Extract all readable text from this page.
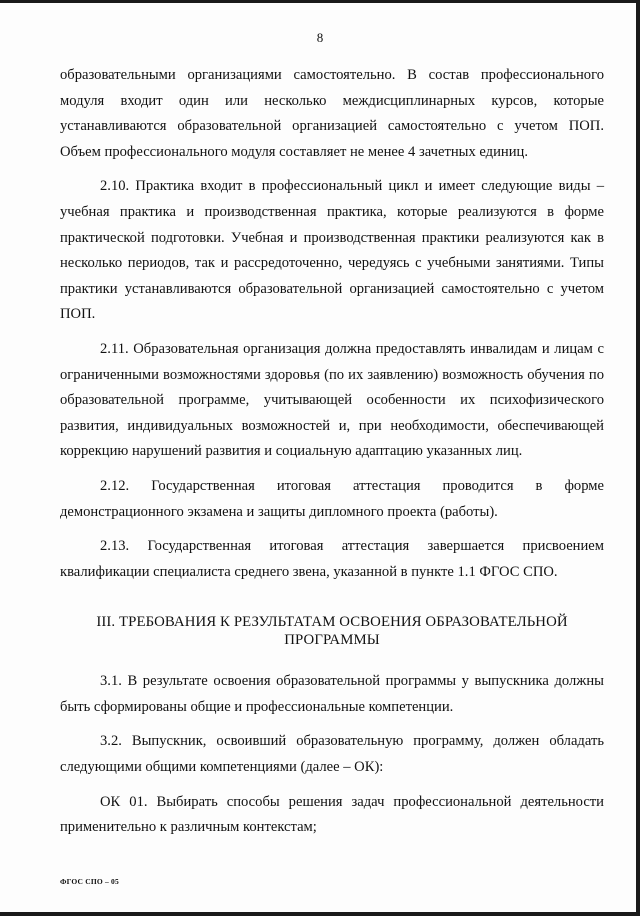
8

образовательными организациями самостоятельно. В состав профессионального модуля входит один или несколько междисциплинарных курсов, которые устанавливаются образовательной организацией самостоятельно с учетом ПОП. Объем профессионального модуля составляет не менее 4 зачетных единиц.

2.10. Практика входит в профессиональный цикл и имеет следующие виды – учебная практика и производственная практика, которые реализуются в форме практической подготовки. Учебная и производственная практики реализуются как в несколько периодов, так и рассредоточенно, чередуясь с учебными занятиями. Типы практики устанавливаются образовательной организацией самостоятельно с учетом ПОП.

2.11. Образовательная организация должна предоставлять инвалидам и лицам с ограниченными возможностями здоровья (по их заявлению) возможность обучения по образовательной программе, учитывающей особенности их психофизического развития, индивидуальных возможностей и, при необходимости, обеспечивающей коррекцию нарушений развития и социальную адаптацию указанных лиц.

2.12. Государственная итоговая аттестация проводится в форме демонстрационного экзамена и защиты дипломного проекта (работы).

2.13. Государственная итоговая аттестация завершается присвоением квалификации специалиста среднего звена, указанной в пункте 1.1 ФГОС СПО.

III. ТРЕБОВАНИЯ К РЕЗУЛЬТАТАМ ОСВОЕНИЯ ОБРАЗОВАТЕЛЬНОЙ
ПРОГРАММЫ

3.1. В результате освоения образовательной программы у выпускника должны быть сформированы общие и профессиональные компетенции.

3.2. Выпускник, освоивший образовательную программу, должен обладать следующими общими компетенциями (далее – ОК):

ОК 01. Выбирать способы решения задач профессиональной деятельности применительно к различным контекстам;

ФГОС СПО – 05
